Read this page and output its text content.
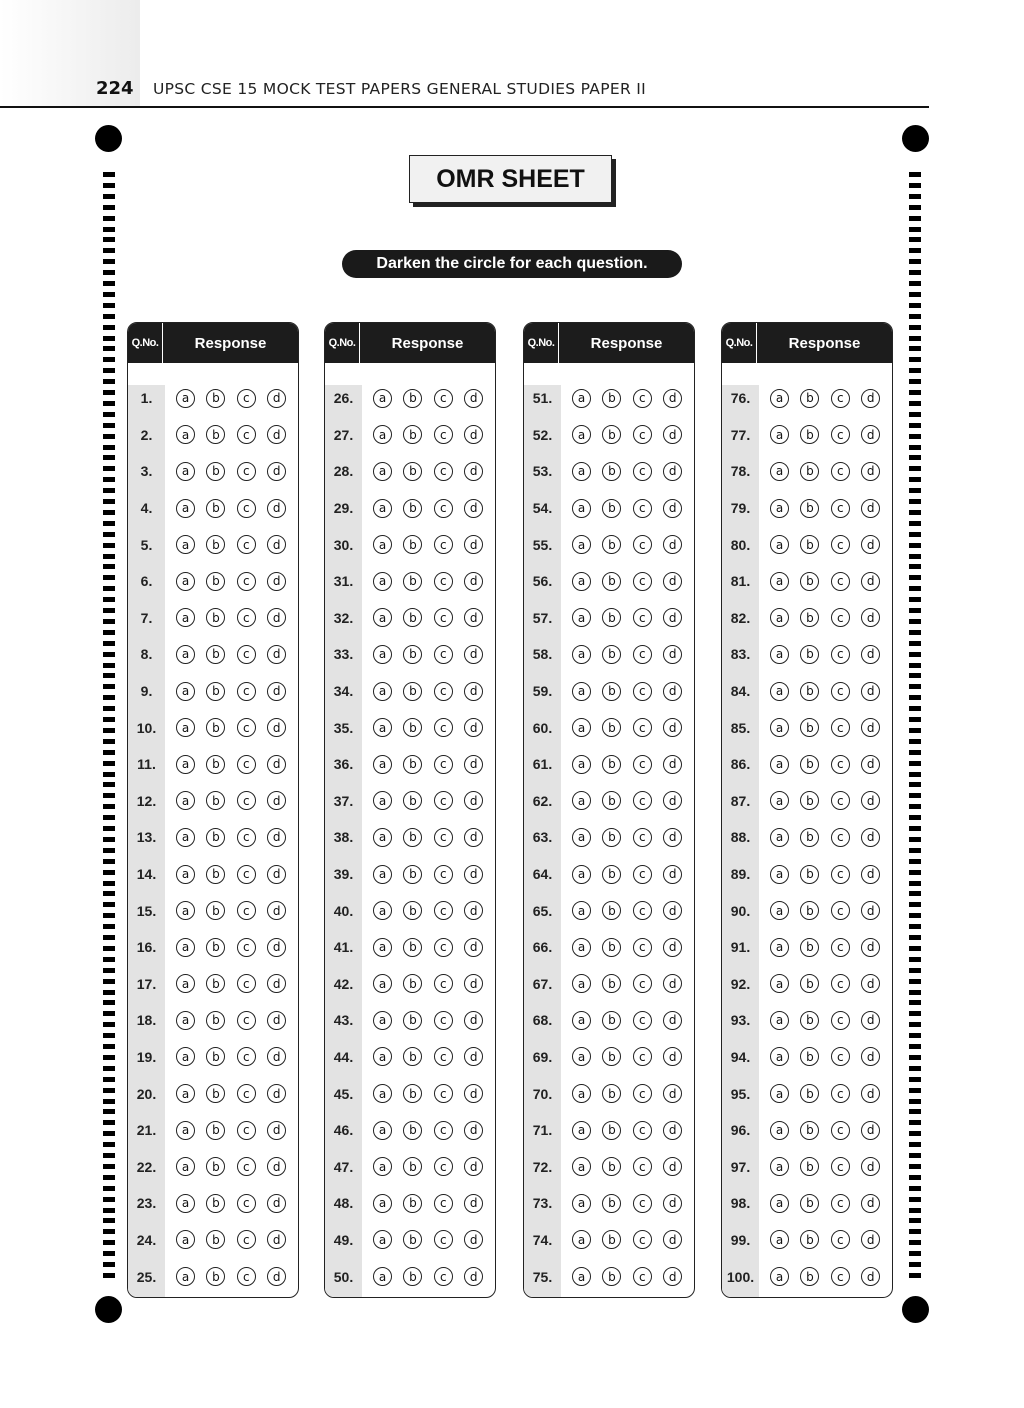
224 UPSC CSE 15 MOCK TEST PAPERS GENERAL STUDIES PAPER II
OMR SHEET
Darken the circle for each question.
Q.No.	Response
1.	a	b	c	d
2.	a	b	c	d
3.	a	b	c	d
4.	a	b	c	d
5.	a	b	c	d
6.	a	b	c	d
7.	a	b	c	d
8.	a	b	c	d
9.	a	b	c	d
10.	a	b	c	d
11.	a	b	c	d
12.	a	b	c	d
13.	a	b	c	d
14.	a	b	c	d
15.	a	b	c	d
16.	a	b	c	d
17.	a	b	c	d
18.	a	b	c	d
19.	a	b	c	d
20.	a	b	c	d
21.	a	b	c	d
22.	a	b	c	d
23.	a	b	c	d
24.	a	b	c	d
25.	a	b	c	d
Q.No.	Response
26.	a	b	c	d
27.	a	b	c	d
28.	a	b	c	d
29.	a	b	c	d
30.	a	b	c	d
31.	a	b	c	d
32.	a	b	c	d
33.	a	b	c	d
34.	a	b	c	d
35.	a	b	c	d
36.	a	b	c	d
37.	a	b	c	d
38.	a	b	c	d
39.	a	b	c	d
40.	a	b	c	d
41.	a	b	c	d
42.	a	b	c	d
43.	a	b	c	d
44.	a	b	c	d
45.	a	b	c	d
46.	a	b	c	d
47.	a	b	c	d
48.	a	b	c	d
49.	a	b	c	d
50.	a	b	c	d
Q.No.	Response
51.	a	b	c	d
52.	a	b	c	d
53.	a	b	c	d
54.	a	b	c	d
55.	a	b	c	d
56.	a	b	c	d
57.	a	b	c	d
58.	a	b	c	d
59.	a	b	c	d
60.	a	b	c	d
61.	a	b	c	d
62.	a	b	c	d
63.	a	b	c	d
64.	a	b	c	d
65.	a	b	c	d
66.	a	b	c	d
67.	a	b	c	d
68.	a	b	c	d
69.	a	b	c	d
70.	a	b	c	d
71.	a	b	c	d
72.	a	b	c	d
73.	a	b	c	d
74.	a	b	c	d
75.	a	b	c	d
Q.No.	Response
76.	a	b	c	d
77.	a	b	c	d
78.	a	b	c	d
79.	a	b	c	d
80.	a	b	c	d
81.	a	b	c	d
82.	a	b	c	d
83.	a	b	c	d
84.	a	b	c	d
85.	a	b	c	d
86.	a	b	c	d
87.	a	b	c	d
88.	a	b	c	d
89.	a	b	c	d
90.	a	b	c	d
91.	a	b	c	d
92.	a	b	c	d
93.	a	b	c	d
94.	a	b	c	d
95.	a	b	c	d
96.	a	b	c	d
97.	a	b	c	d
98.	a	b	c	d
99.	a	b	c	d
100.	a	b	c	d
